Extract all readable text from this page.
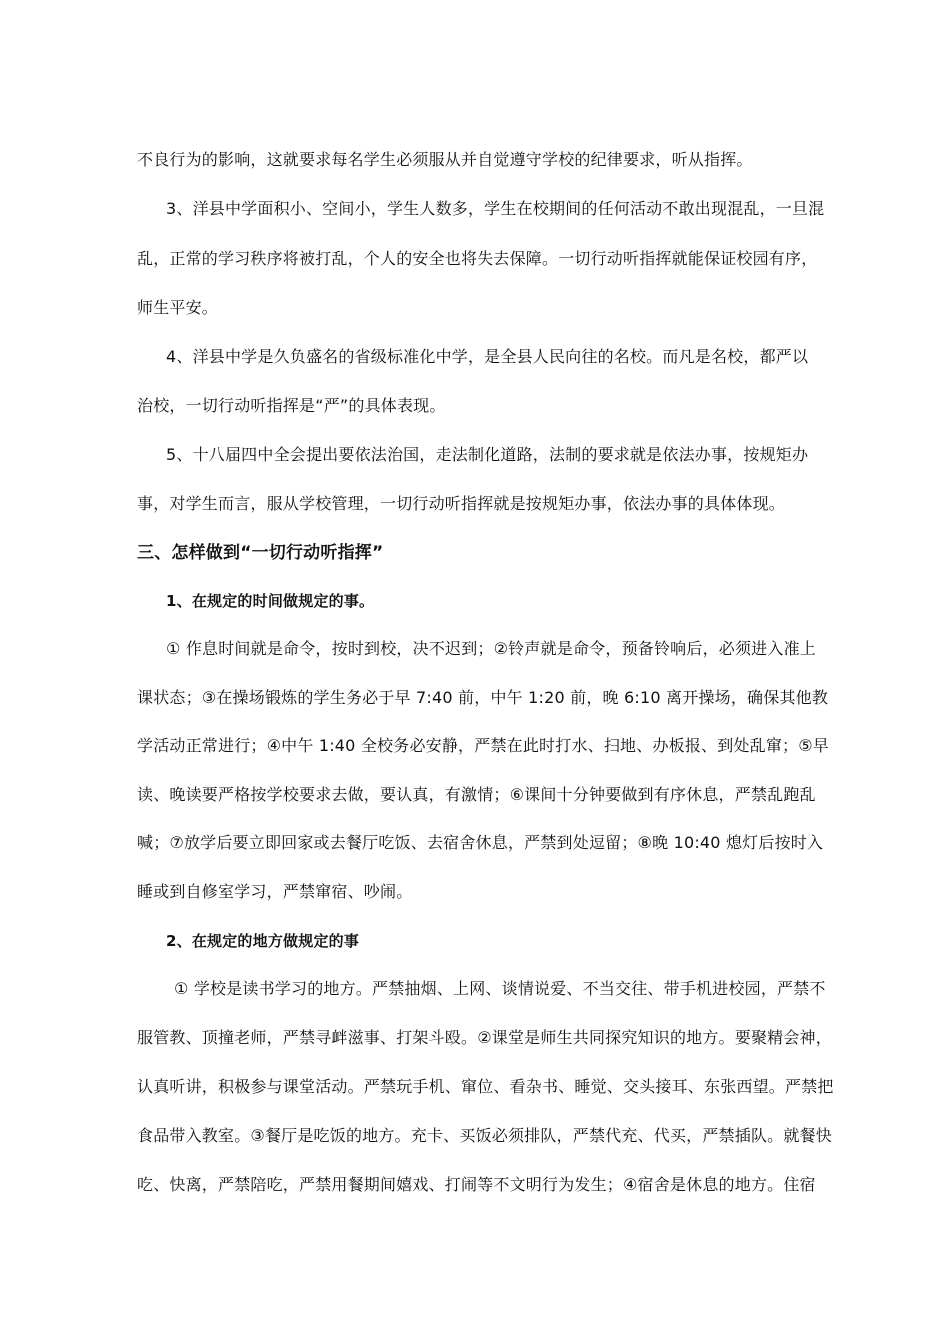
不良行为的影响，这就要求每名学生必须服从并自觉遵守学校的纪律要求，听从指挥。
3、洋县中学面积小、空间小，学生人数多，学生在校期间的任何活动不敢出现混乱，一旦混
乱，正常的学习秩序将被打乱，个人的安全也将失去保障。一切行动听指挥就能保证校园有序，
师生平安。
4、洋县中学是久负盛名的省级标准化中学，是全县人民向往的名校。而凡是名校，都严以
治校，一切行动听指挥是“严”的具体表现。
5、十八届四中全会提出要依法治国，走法制化道路，法制的要求就是依法办事，按规矩办
事，对学生而言，服从学校管理，一切行动听指挥就是按规矩办事，依法办事的具体体现。
三、怎样做到“一切行动听指挥”
1、在规定的时间做规定的事。
① 作息时间就是命令，按时到校，决不迟到；②铃声就是命令，预备铃响后，必须进入准上
课状态；③在操场锻炼的学生务必于早 7:40 前，中午 1:20 前，晚 6:10 离开操场，确保其他教
学活动正常进行；④中午 1:40 全校务必安静，严禁在此时打水、扫地、办板报、到处乱窜；⑤早
读、晚读要严格按学校要求去做，要认真，有激情；⑥课间十分钟要做到有序休息，严禁乱跑乱
喊；⑦放学后要立即回家或去餐厅吃饭、去宿舍休息，严禁到处逗留；⑧晚 10:40 熄灯后按时入
睡或到自修室学习，严禁窜宿、吵闹。
2、在规定的地方做规定的事
① 学校是读书学习的地方。严禁抽烟、上网、谈情说爱、不当交往、带手机进校园，严禁不
服管教、顶撞老师，严禁寻衅滋事、打架斗殴。②课堂是师生共同探究知识的地方。要聚精会神，
认真听讲，积极参与课堂活动。严禁玩手机、窜位、看杂书、睡觉、交头接耳、东张西望。严禁把
食品带入教室。③餐厅是吃饭的地方。充卡、买饭必须排队，严禁代充、代买，严禁插队。就餐快
吃、快离，严禁陪吃，严禁用餐期间嬉戏、打闹等不文明行为发生；④宿舍是休息的地方。住宿
